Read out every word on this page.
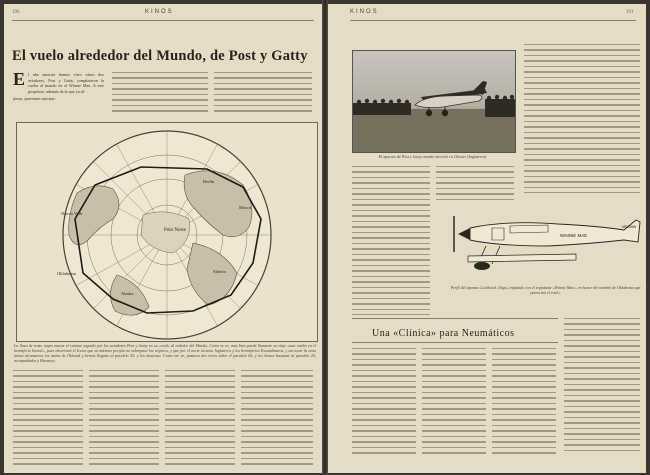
190	KINOS
El vuelo alrededor del Mundo, de Post y Gatty
E l año anterior hemos visto cómo dos aviadores, Post y Gatty, completaron la vuelta al mundo en el Winnie Mae. A este propósito, además de la que ya di-
jimos, queremos mostrar:
Polo Norte
Oklahoma
Nueva York
Berlín
Moscú
Alaska
Siberia
La línea de trazo negro marca el camino seguido por los aviadores Post y Gatty en su «raid» al rededor del Mundo. Como se ve, mas bien puede llamarse su viaje «una vuelta en el hemisferio boreal», pues observará el lector que su máximo periplo no sobrepasó los trópicos, y que por el norte tocaron Inglaterra y los hemisferios Escandinavos, y sin tocar la zona ártica alcanzaron los mares de Okhotsk y hemos llegado al paralelo 55, y los lasstomo. Como ser ve, pasaron dos veces sobre el paralelo 60, y los hemos bastante al paralelo 25, acompañados y Harmeyx.
KINOS	191
El aparato de Post y Gatty cuando aterrizó en Chester (Inglaterra).
WINNIE MAE
NR105W
Perfil del aparato Lockheed «Vega» tripulado con el tripulante «Winnie Mae», en honor del nombre de Oklahoma que patrocinó el vuelo.
Una «Clínica» para Neumáticos
